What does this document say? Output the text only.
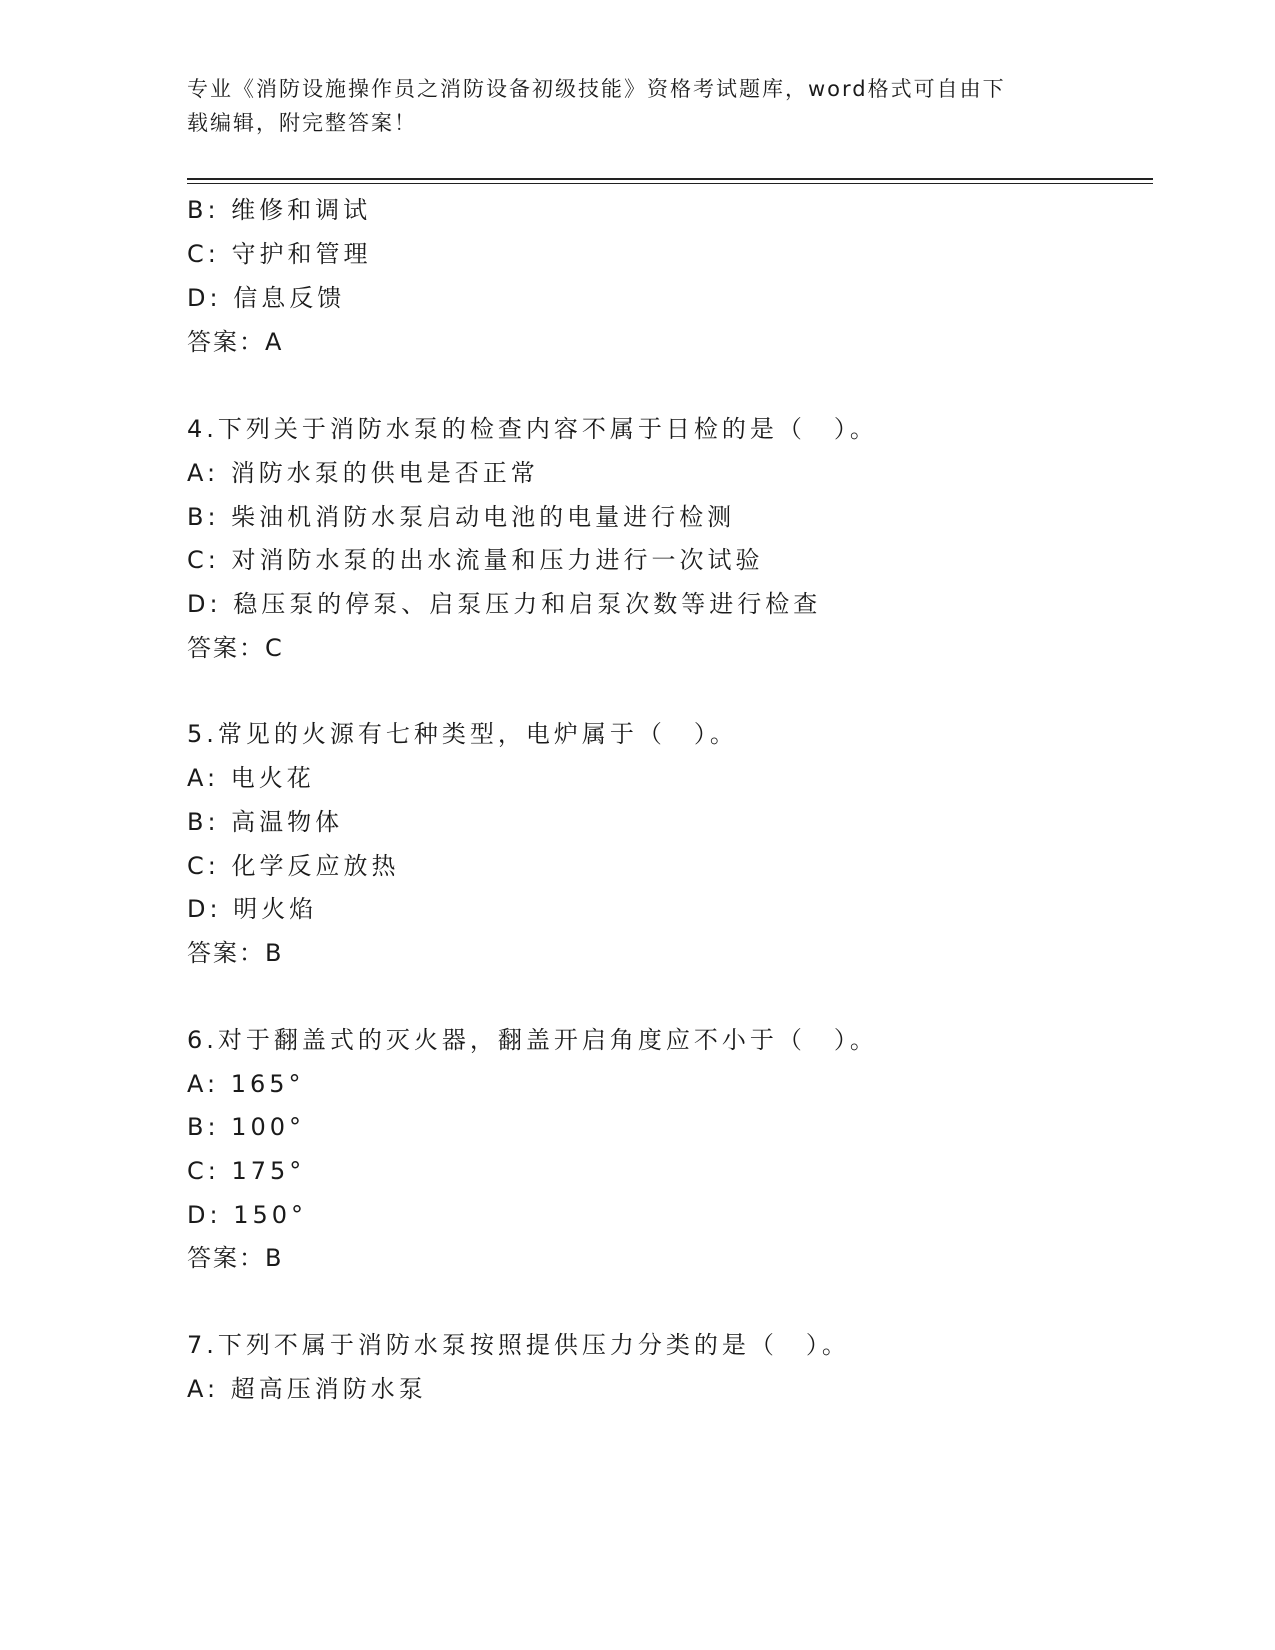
专业《消防设施操作员之消防设备初级技能》资格考试题库，word格式可自由下
载编辑，附完整答案！
B: 维修和调试
C: 守护和管理
D: 信息反馈
答案：A
4.下列关于消防水泵的检查内容不属于日检的是（　）。
A: 消防水泵的供电是否正常
B: 柴油机消防水泵启动电池的电量进行检测
C: 对消防水泵的出水流量和压力进行一次试验
D: 稳压泵的停泵、启泵压力和启泵次数等进行检查
答案：C
5.常见的火源有七种类型，电炉属于（　）。
A: 电火花
B: 高温物体
C: 化学反应放热
D: 明火焰
答案：B
6.对于翻盖式的灭火器，翻盖开启角度应不小于（　）。
A: 165°
B: 100°
C: 175°
D: 150°
答案：B
7.下列不属于消防水泵按照提供压力分类的是（　）。
A: 超高压消防水泵
